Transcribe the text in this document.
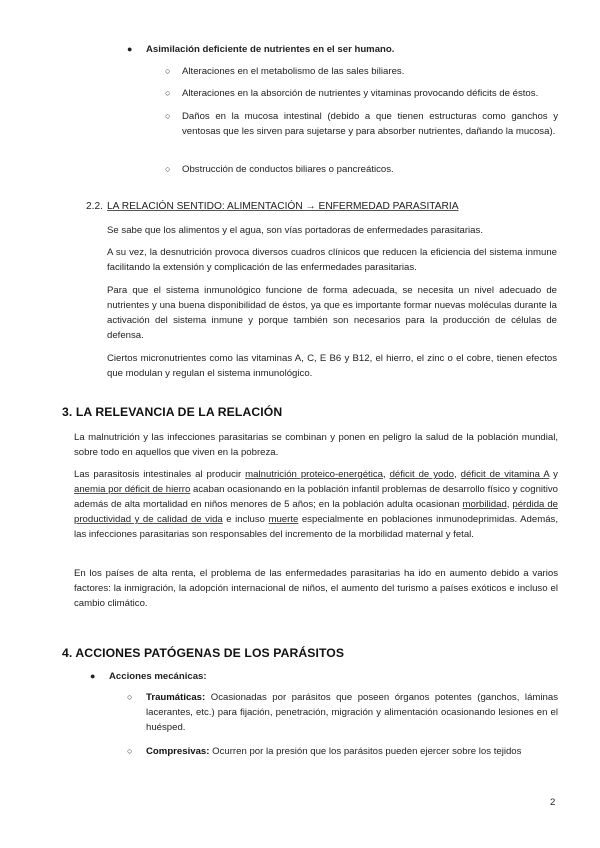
● Asimilación deficiente de nutrientes en el ser humano.
○ Alteraciones en el metabolismo de las sales biliares.
○ Alteraciones en la absorción de nutrientes y vitaminas provocando déficits de éstos.
○ Daños en la mucosa intestinal (debido a que tienen estructuras como ganchos y ventosas que les sirven para sujetarse y para absorber nutrientes, dañando la mucosa).
○ Obstrucción de conductos biliares o pancreáticos.
2.2. LA RELACIÓN SENTIDO: ALIMENTACIÓN → ENFERMEDAD PARASITARIA
Se sabe que los alimentos y el agua, son vías portadoras de enfermedades parasitarias.
A su vez, la desnutrición provoca diversos cuadros clínicos que reducen la eficiencia del sistema inmune facilitando la extensión y complicación de las enfermedades parasitarias.
Para que el sistema inmunológico funcione de forma adecuada, se necesita un nivel adecuado de nutrientes y una buena disponibilidad de éstos, ya que es importante formar nuevas moléculas durante la activación del sistema inmune y porque también son necesarios para la producción de células de defensa.
Ciertos micronutrientes como las vitaminas A, C, E B6 y B12, el hierro, el zinc o el cobre, tienen efectos que modulan y regulan el sistema inmunológico.
3. LA RELEVANCIA DE LA RELACIÓN
La malnutrición y las infecciones parasitarias se combinan y ponen en peligro la salud de la población mundial, sobre todo en aquellos que viven en la pobreza.
Las parasitosis intestinales al producir malnutrición proteico-energética, déficit de yodo, déficit de vitamina A y anemia por déficit de hierro acaban ocasionando en la población infantil problemas de desarrollo físico y cognitivo además de alta mortalidad en niños menores de 5 años; en la población adulta ocasionan morbilidad, pérdida de productividad y de calidad de vida e incluso muerte especialmente en poblaciones inmunodeprimidas. Además, las infecciones parasitarias son responsables del incremento de la morbilidad maternal y fetal.
En los países de alta renta, el problema de las enfermedades parasitarias ha ido en aumento debido a varios factores: la inmigración, la adopción internacional de niños, el aumento del turismo a países exóticos e incluso el cambio climático.
4. ACCIONES PATÓGENAS DE LOS PARÁSITOS
● Acciones mecánicas:
○ Traumáticas: Ocasionadas por parásitos que poseen órganos potentes (ganchos, láminas lacerantes, etc.) para fijación, penetración, migración y alimentación ocasionando lesiones en el huésped.
○ Compresivas: Ocurren por la presión que los parásitos pueden ejercer sobre los tejidos
2
